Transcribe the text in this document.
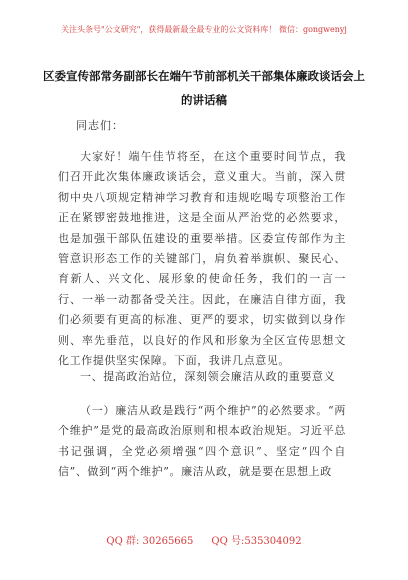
关注头条号"公文研究"，获得最新最全最专业的公文资料库！ 微信：gongwenyj
区委宣传部常务副部长在端午节前部机关干部集体廉政谈话会上的讲话稿
同志们：

大家好！端午佳节将至，在这个重要时间节点，我们召开此次集体廉政谈话会，意义重大。当前，深入贯彻中央八项规定精神学习教育和违规吃喝专项整治工作正在紧锣密鼓地推进，这是全面从严治党的必然要求，也是加强干部队伍建设的重要举措。区委宣传部作为主管意识形态工作的关键部门，肩负着举旗帜、聚民心、育新人、兴文化、展形象的使命任务，我们的一言一行、一举一动都备受关注。因此，在廉洁自律方面，我们必须要有更高的标准、更严的要求，切实做到以身作则、率先垂范，以良好的作风和形象为全区宣传思想文化工作提供坚实保障。下面，我讲几点意见。

一、提高政治站位，深刻领会廉洁从政的重要意义

（一）廉洁从政是践行“两个维护”的必然要求。“两个维护”是党的最高政治原则和根本政治规矩。习近平总书记强调，全党必须增强“四个意识”、坚定“四个自信”、做到“两个维护”。廉洁从政，就是要在思想上政

QQ 群: 30265665 QQ 号:535304092
